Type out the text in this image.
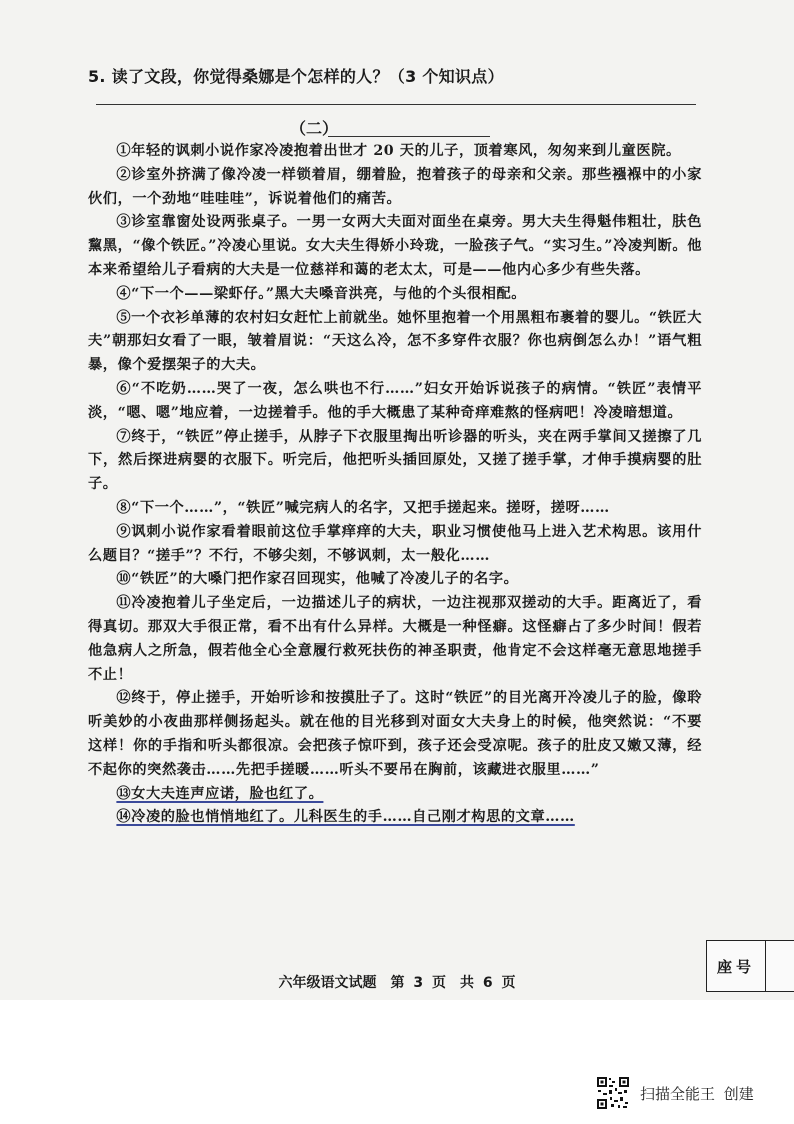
5. 读了文段，你觉得桑娜是个怎样的人？（3 个知识点）
（二）

①年轻的讽刺小说作家冷凌抱着出世才 20 天的儿子，顶着寒风，匆匆来到儿童医院。

②诊室外挤满了像冷凌一样锁着眉，绷着脸，抱着孩子的母亲和父亲。那些襁褓中的小家伙们，一个劲地“哇哇哇”，诉说着他们的痛苦。

③诊室靠窗处设两张桌子。一男一女两大夫面对面坐在桌旁。男大夫生得魁伟粗壮，肤色黧黑，“像个铁匠。”冷凌心里说。女大夫生得娇小玲珑，一脸孩子气。“实习生。”冷凌判断。他本来希望给儿子看病的大夫是一位慈祥和蔼的老太太，可是——他内心多少有些失落。

④“下一个——梁虾仔。”黑大夫嗓音洪亮，与他的个头很相配。

⑤一个衣衫单薄的农村妇女赶忙上前就坐。她怀里抱着一个用黑粗布裹着的婴儿。“铁匠大夫”朝那妇女看了一眼，皱着眉说：“天这么冷，怎不多穿件衣服？你也病倒怎么办！”语气粗暴，像个爱摆架子的大夫。

⑥“不吃奶……哭了一夜，怎么哄也不行……”妇女开始诉说孩子的病情。“铁匠”表情平淡，“嗯、嗯”地应着，一边搓着手。他的手大概患了某种奇痒难熬的怪病吧！冷凌暗想道。

⑦终于，“铁匠”停止搓手，从脖子下衣服里掏出听诊器的听头，夹在两手掌间又搓擦了几下，然后探进病婴的衣服下。听完后，他把听头插回原处，又搓了搓手掌，才伸手摸病婴的肚子。

⑧“下一个……”，“铁匠”喊完病人的名字，又把手搓起来。搓呀，搓呀……

⑨讽刺小说作家看着眼前这位手掌痒痒的大夫，职业习惯使他马上进入艺术构思。该用什么题目？“搓手”？不行，不够尖刻，不够讽刺，太一般化……

⑩“铁匠”的大嗓门把作家召回现实，他喊了冷凌儿子的名字。

⑪冷凌抱着儿子坐定后，一边描述儿子的病状，一边注视那双搓动的大手。距离近了，看得真切。那双大手很正常，看不出有什么异样。大概是一种怪癖。这怪癖占了多少时间！假若他急病人之所急，假若他全心全意履行救死扶伤的神圣职责，他肯定不会这样毫无意思地搓手不止！

⑫终于，停止搓手，开始听诊和按摸肚子了。这时“铁匠”的目光离开冷凌儿子的脸，像聆听美妙的小夜曲那样侧扬起头。就在他的目光移到对面女大夫身上的时候，他突然说：“不要这样！你的手指和听头都很凉。会把孩子惊吓到，孩子还会受凉呢。孩子的肚皮又嫩又薄，经不起你的突然袭击……先把手搓暖……听头不要吊在胸前，该藏进衣服里……”

⑬女大夫连声应诺，脸也红了。

⑭冷凌的脸也悄悄地红了。儿科医生的手……自己刚才构思的文章……

座号
六年级语文试题　第 3 页　共 6 页
扫描全能王 创建
